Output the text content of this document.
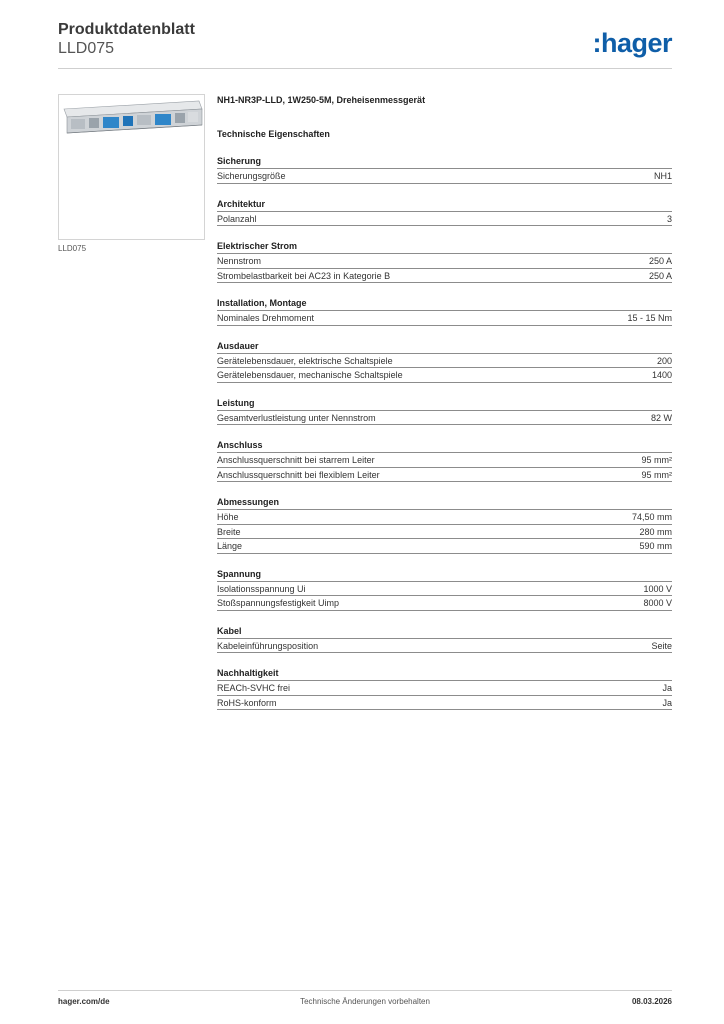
Produktdatenblatt
LLD075	:hager
LLD075
NH1-NR3P-LLD, 1W250-5M, Dreheisenmessgerät
Technische Eigenschaften
Sicherung
Sicherungsgröße	NH1
Architektur
Polanzahl	3
Elektrischer Strom
Nennstrom	250 A
Strombelastbarkeit bei AC23 in Kategorie B	250 A
Installation, Montage
Nominales Drehmoment	15 - 15 Nm
Ausdauer
Gerätelebensdauer, elektrische Schaltspiele	200
Gerätelebensdauer, mechanische Schaltspiele	1400
Leistung
Gesamtverlustleistung unter Nennstrom	82 W
Anschluss
Anschlussquerschnitt bei starrem Leiter	95 mm²
Anschlussquerschnitt bei flexiblem Leiter	95 mm²
Abmessungen
Höhe	74,50 mm
Breite	280 mm
Länge	590 mm
Spannung
Isolationsspannung Ui	1000 V
Stoßspannungsfestigkeit Uimp	8000 V
Kabel
Kabeleinführungsposition	Seite
Nachhaltigkeit
REACh-SVHC frei	Ja
RoHS-konform	Ja
hager.com/de	Technische Änderungen vorbehalten	08.03.2026
